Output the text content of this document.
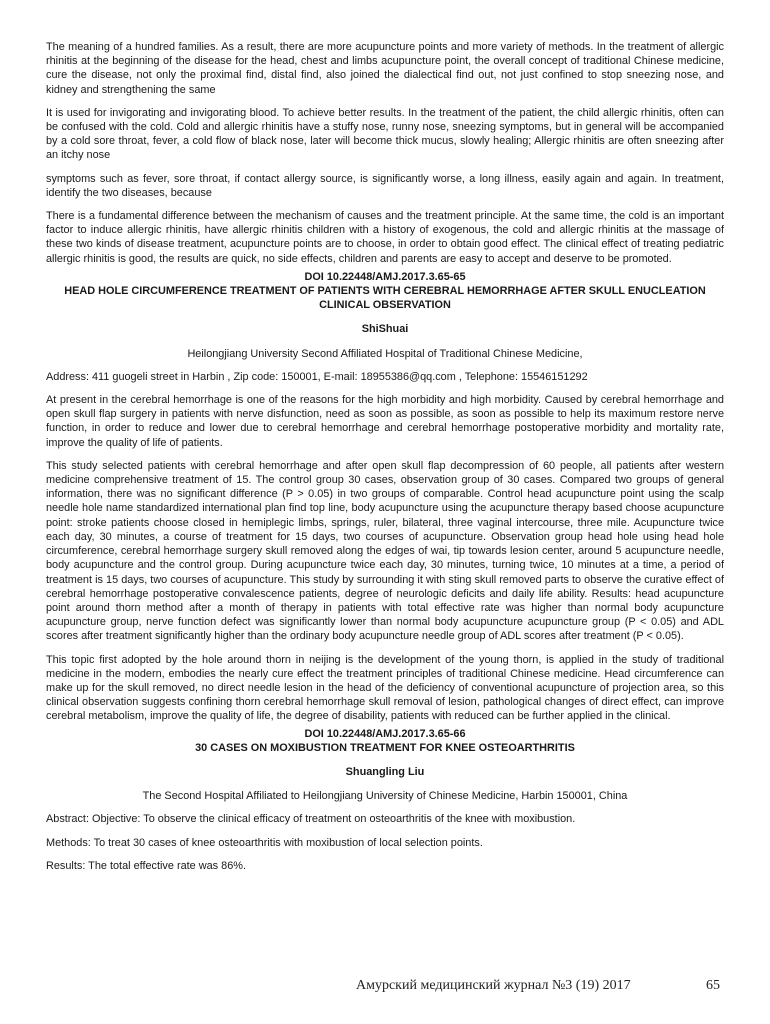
The meaning of a hundred families. As a result, there are more acupuncture points and more variety of methods. In the treatment of allergic rhinitis at the beginning of the disease for the head, chest and limbs acupuncture point, the overall concept of traditional Chinese medicine, cure the disease, not only the proximal find, distal find, also joined the dialectical find out, not just confined to stop sneezing nose, and kidney and strengthening the same

It is used for invigorating and invigorating blood. To achieve better results. In the treatment of the patient, the child allergic rhinitis, often can be confused with the cold. Cold and allergic rhinitis have a stuffy nose, runny nose, sneezing symptoms, but in general will be accompanied by a cold sore throat, fever, a cold flow of black nose, later will become thick mucus, slowly healing; Allergic rhinitis are often sneezing after an itchy nose

symptoms such as fever, sore throat, if contact allergy source, is significantly worse, a long illness, easily again and again. In treatment, identify the two diseases, because

There is a fundamental difference between the mechanism of causes and the treatment principle. At the same time, the cold is an important factor to induce allergic rhinitis, have allergic rhinitis children with a history of exogenous, the cold and allergic rhinitis at the massage of these two kinds of disease treatment, acupuncture points are to choose, in order to obtain good effect. The clinical effect of treating pediatric allergic rhinitis is good, the results are quick, no side effects, children and parents are easy to accept and deserve to be promoted.

DOI 10.22448/AMJ.2017.3.65-65

HEAD HOLE CIRCUMFERENCE TREATMENT OF PATIENTS WITH CEREBRAL HEMORRHAGE AFTER SKULL ENUCLEATION CLINICAL OBSERVATION

ShiShuai

Heilongjiang University Second Affiliated Hospital of Traditional Chinese Medicine,

Address: 411 guogeli street in Harbin , Zip code: 150001, E-mail: 18955386@qq.com , Telephone: 15546151292

At present in the cerebral hemorrhage is one of the reasons for the high morbidity and high morbidity. Caused by cerebral hemorrhage and open skull flap surgery in patients with nerve disfunction, need as soon as possible, as soon as possible to help its maximum restore nerve function, in order to reduce and lower due to cerebral hemorrhage and cerebral hemorrhage postoperative morbidity and mortality rate, improve the quality of life of patients.

This study selected patients with cerebral hemorrhage and after open skull flap decompression of 60 people, all patients after western medicine comprehensive treatment of 15. The control group 30 cases, observation group of 30 cases. Compared two groups of general information, there was no significant difference (P > 0.05) in two groups of comparable. Control head acupuncture point using the scalp needle hole name standardized international plan find top line, body acupuncture using the acupuncture therapy based choose acupuncture point: stroke patients choose closed in hemiplegic limbs, springs, ruler, bilateral, three vaginal intercourse, three mile. Acupuncture twice each day, 30 minutes, a course of treatment for 15 days, two courses of acupuncture. Observation group head hole using head hole circumference, cerebral hemorrhage surgery skull removed along the edges of wai, tip towards lesion center, around 5 acupuncture needle, body acupuncture and the control group. During acupuncture twice each day, 30 minutes, turning twice, 10 minutes at a time, a period of treatment is 15 days, two courses of acupuncture. This study by surrounding it with sting skull removed parts to observe the curative effect of cerebral hemorrhage postoperative convalescence patients, degree of neurologic deficits and daily life ability. Results: head acupuncture point around thorn method after a month of therapy in patients with total effective rate was higher than normal body acupuncture acupuncture group, nerve function defect was significantly lower than normal body acupuncture acupuncture group (P < 0.05) and ADL scores after treatment significantly higher than the ordinary body acupuncture needle group of ADL scores after treatment (P < 0.05).

This topic first adopted by the hole around thorn in neijing is the development of the young thorn, is applied in the study of traditional medicine in the modern, embodies the nearly cure effect the treatment principles of traditional Chinese medicine. Head circumference can make up for the skull removed, no direct needle lesion in the head of the deficiency of conventional acupuncture of projection area, so this clinical observation suggests confining thorn cerebral hemorrhage skull removal of lesion, pathological changes of direct effect, can improve cerebral metabolism, improve the quality of life, the degree of disability, patients with reduced can be further applied in the clinical.

DOI 10.22448/AMJ.2017.3.65-66

30 CASES ON MOXIBUSTION TREATMENT FOR KNEE OSTEOARTHRITIS

Shuangling Liu

The Second Hospital Affiliated to Heilongjiang University of Chinese Medicine, Harbin 150001, China

Abstract: Objective: To observe the clinical efficacy of treatment on osteoarthritis of the knee with moxibustion.

Methods: To treat 30 cases of knee osteoarthritis with moxibustion of local selection points.

Results: The total effective rate was 86%.

Амурский медицинский журнал №3 (19) 2017	65
